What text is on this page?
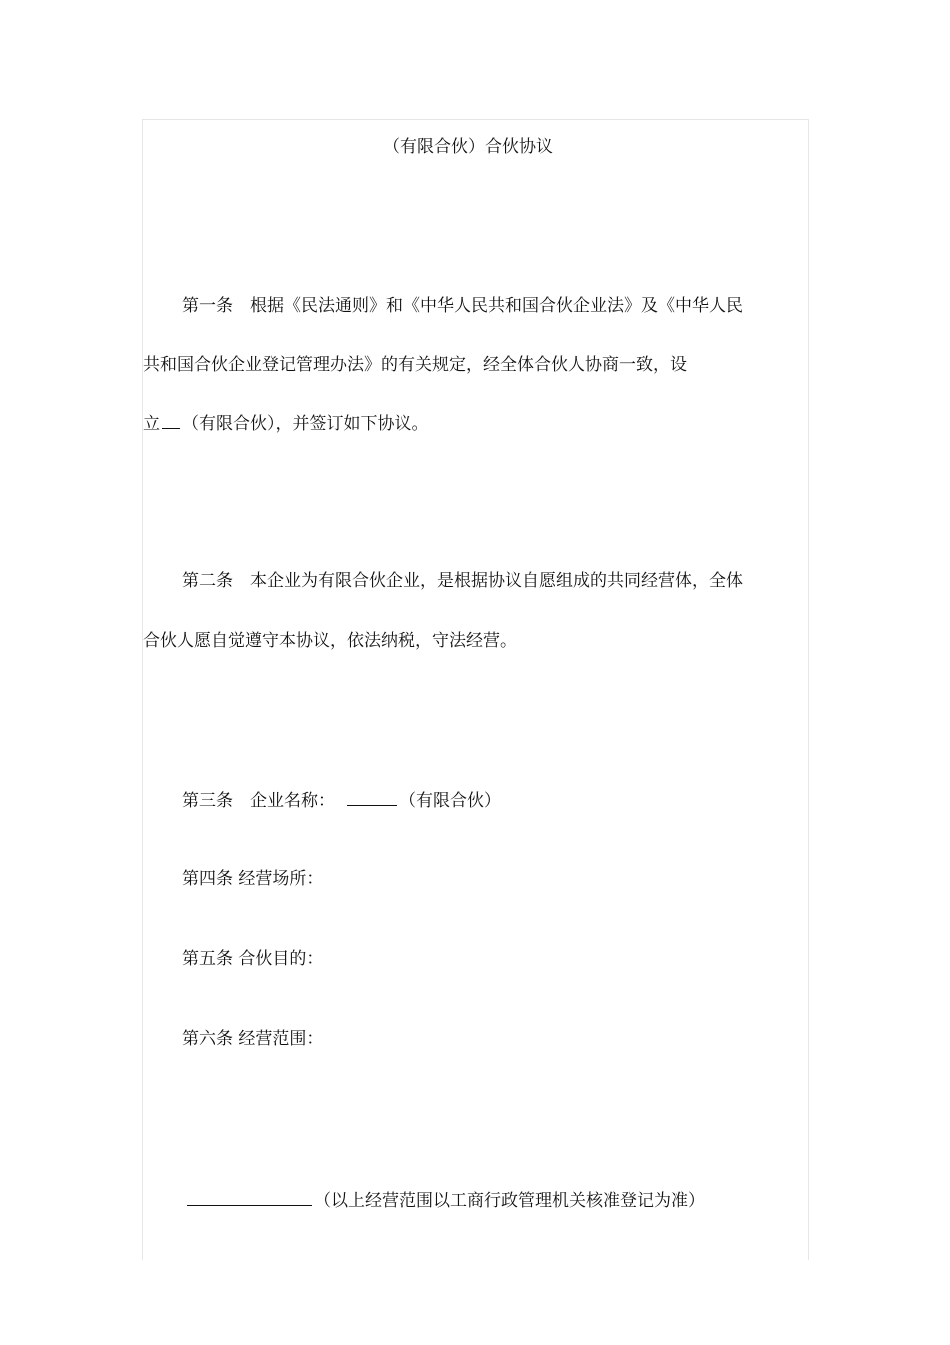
（有限合伙）合伙协议
第一条　根据《民法通则》和《中华人民共和国合伙企业法》及《中华人民
共和国合伙企业登记管理办法》的有关规定，经全体合伙人协商一致，设
立 （有限合伙），并签订如下协议。
第二条　本企业为有限合伙企业，是根据协议自愿组成的共同经营体，全体
合伙人愿自觉遵守本协议，依法纳税，守法经营。
第三条　企业名称：	（有限合伙）
第四条 经营场所：
第五条 合伙目的：
第六条 经营范围：
（以上经营范围以工商行政管理机关核准登记为准）
